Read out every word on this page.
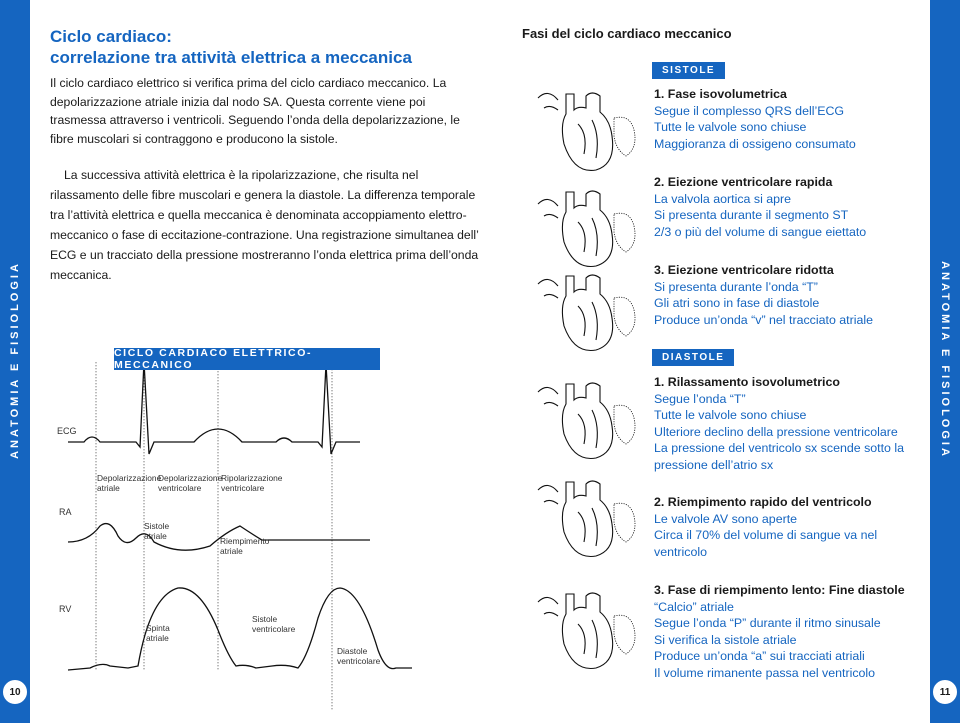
ANATOMIA E FISIOLOGIA
10
ANATOMIA E FISIOLOGIA
11
Ciclo cardiaco:
correlazione tra attività elettrica a meccanica
Il ciclo cardiaco elettrico si verifica prima del ciclo cardiaco meccanico. La depolarizzazione atriale inizia dal nodo SA. Questa corrente viene poi trasmessa attraverso i ventricoli. Seguendo l’onda della depolarizzazione, le fibre muscolari si contraggono e producono la sistole.
La successiva attività elettrica è la ripolarizzazione, che risulta nel
rilassamento delle fibre muscolari e genera la diastole. La differenza temporale tra l’attività elettrica e quella meccanica è denominata accoppiamento elettro-meccanico o fase di eccitazione-contrazione. Una registrazione simultanea dell’ ECG e un tracciato della pressione mostreranno l’onda elettrica prima dell’onda meccanica.
ECG
RA
RV
Depolarizzazione
atriale
Depolarizzazione
ventricolare
Ripolarizzazione
ventricolare
Sistole
atriale	Riempimento
atriale
Spinta
atriale
Sistole
ventricolare
Diastole
ventricolare
CICLO CARDIACO ELETTRICO-MECCANICO
Fasi del ciclo cardiaco meccanico
SISTOLE
DIASTOLE
1. Fase isovolumetrica
Segue il complesso QRS dell’ECG
Tutte le valvole sono chiuse
Maggioranza di ossigeno consumato
2. Eiezione ventricolare rapida
La valvola aortica si apre
Si presenta durante il segmento ST
2/3 o più del volume di sangue eiettato
3. Eiezione ventricolare ridotta
Si presenta durante l’onda “T”
Gli atri sono in fase di diastole
Produce un’onda “v” nel tracciato atriale
1. Rilassamento isovolumetrico
Segue l’onda “T”
Tutte le valvole sono chiuse
Ulteriore declino della pressione ventricolare
La pressione del ventricolo sx scende sotto la pressione dell’atrio sx
2. Riempimento rapido del ventricolo
Le valvole AV sono aperte
Circa il 70% del volume di sangue va nel ventricolo
3. Fase di riempimento lento: Fine diastole
“Calcio” atriale
Segue l’onda “P” durante il ritmo sinusale
Si verifica la sistole atriale
Produce un’onda “a” sui tracciati atriali
Il volume rimanente passa nel ventricolo
